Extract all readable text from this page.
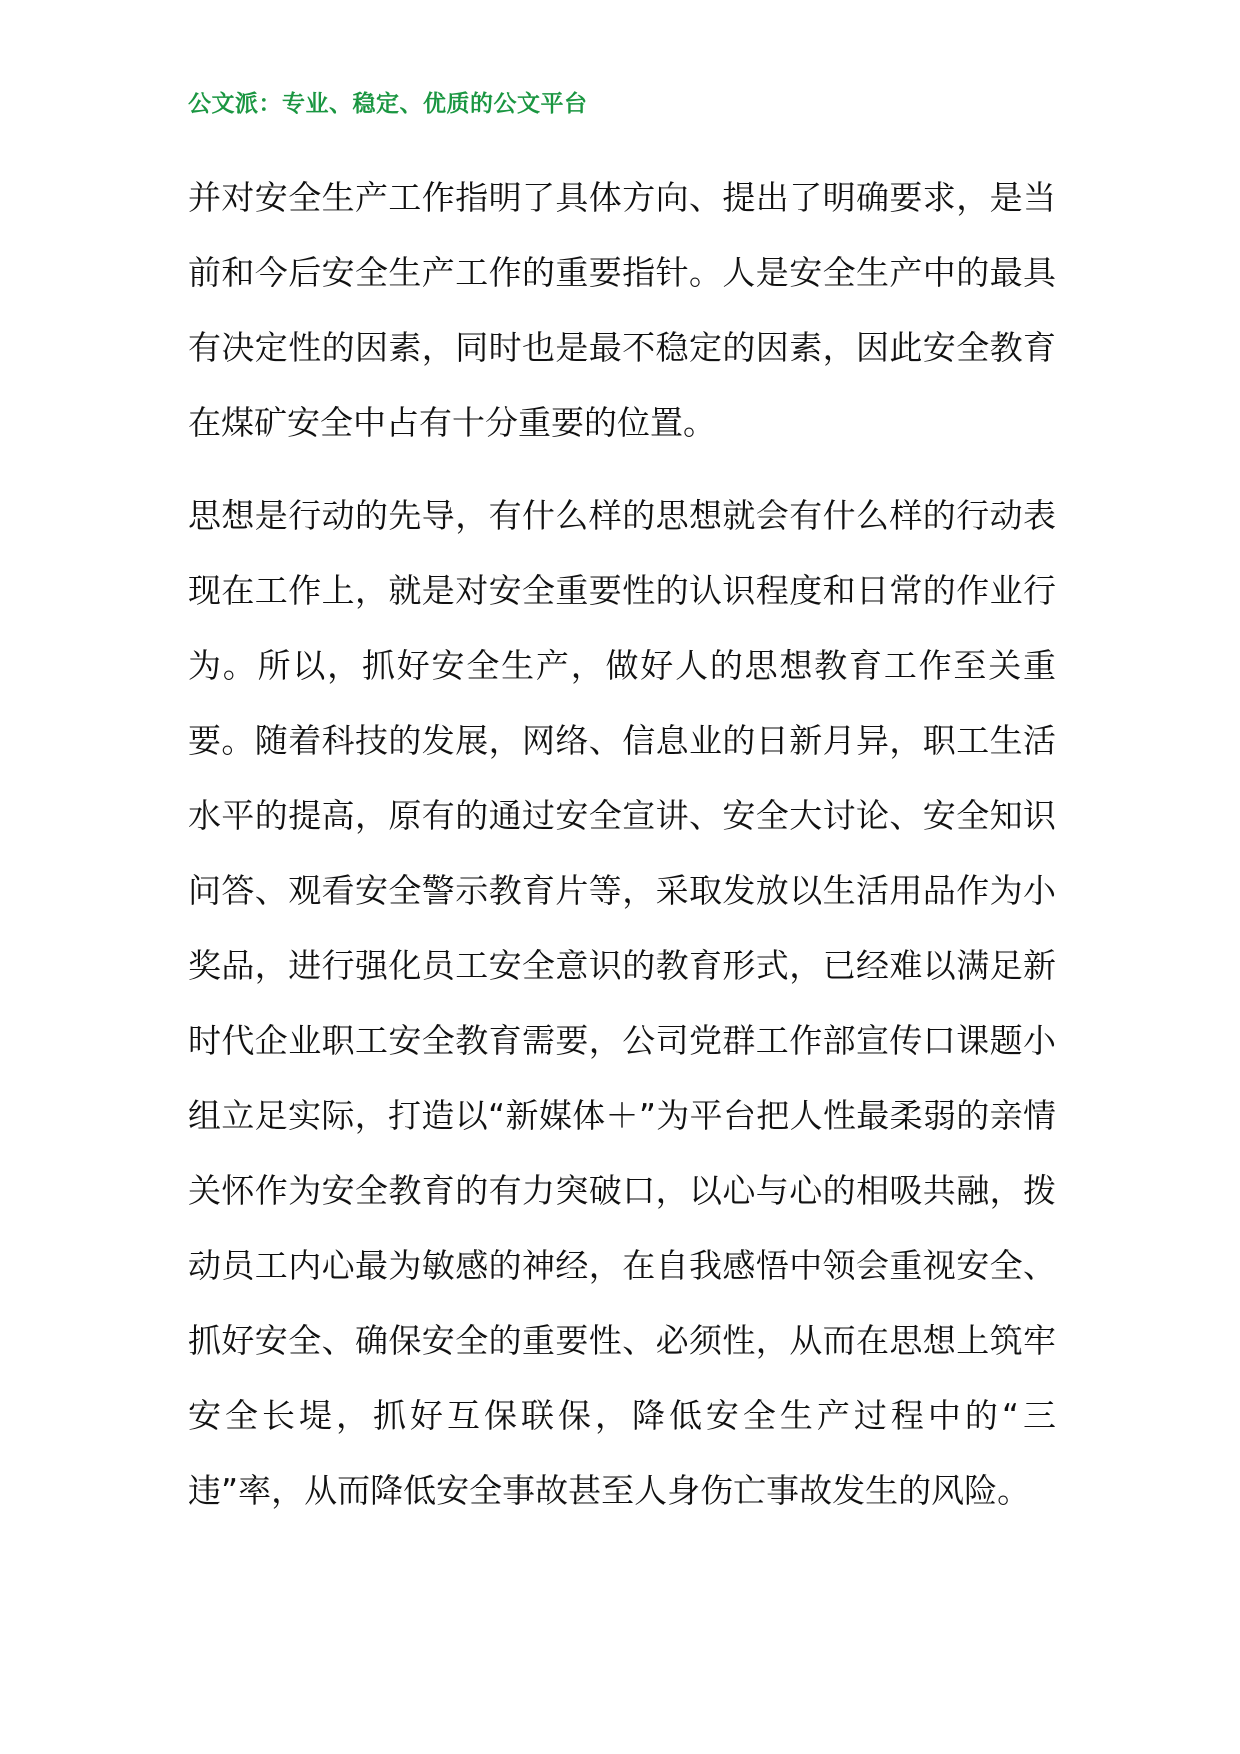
公文派：专业、稳定、优质的公文平台
并对安全生产工作指明了具体方向、提出了明确要求，是当前和今后安全生产工作的重要指针。人是安全生产中的最具有决定性的因素，同时也是最不稳定的因素，因此安全教育在煤矿安全中占有十分重要的位置。
思想是行动的先导，有什么样的思想就会有什么样的行动表现在工作上，就是对安全重要性的认识程度和日常的作业行为。所以，抓好安全生产，做好人的思想教育工作至关重要。随着科技的发展，网络、信息业的日新月异，职工生活水平的提高，原有的通过安全宣讲、安全大讨论、安全知识问答、观看安全警示教育片等，采取发放以生活用品作为小奖品，进行强化员工安全意识的教育形式，已经难以满足新时代企业职工安全教育需要，公司党群工作部宣传口课题小组立足实际，打造以“新媒体＋”为平台把人性最柔弱的亲情关怀作为安全教育的有力突破口，以心与心的相吸共融，拨动员工内心最为敏感的神经，在自我感悟中领会重视安全、抓好安全、确保安全的重要性、必须性，从而在思想上筑牢安全长堤，抓好互保联保，降低安全生产过程中的“三违”率，从而降低安全事故甚至人身伤亡事故发生的风险。
